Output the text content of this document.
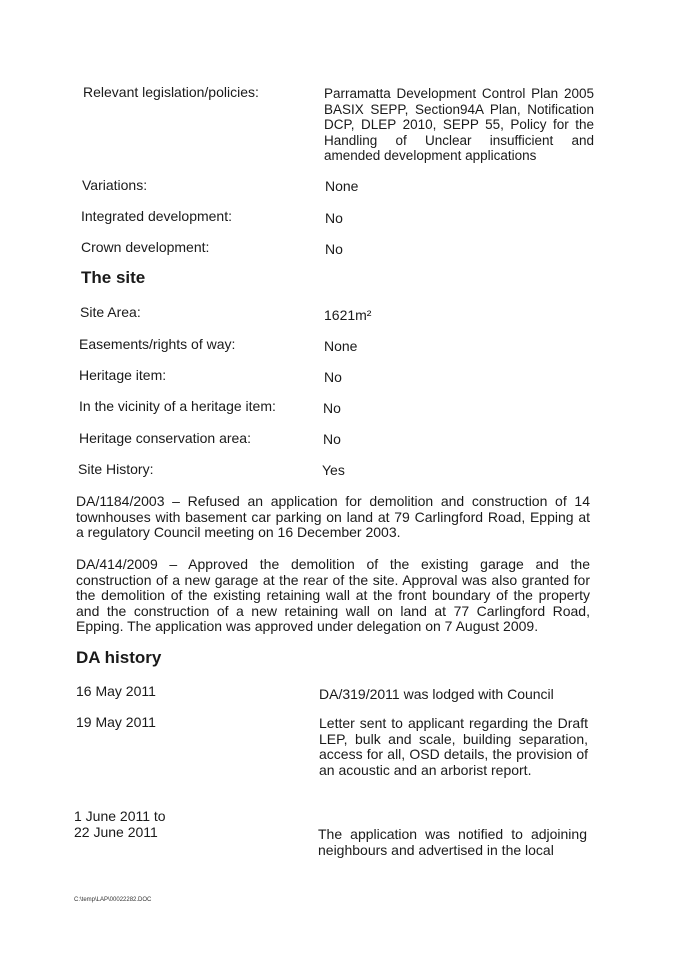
Relevant legislation/policies:	Parramatta Development Control Plan 2005 BASIX SEPP, Section94A Plan, Notification DCP, DLEP 2010, SEPP 55, Policy for the Handling of Unclear insufficient and amended development applications
Variations:	None
Integrated development:	No
Crown development:	No
The site
Site Area:	1621m²
Easements/rights of way:	None
Heritage item:	No
In the vicinity of a heritage item:	No
Heritage conservation area:	No
Site History:	Yes
DA/1184/2003 – Refused an application for demolition and construction of 14 townhouses with basement car parking on land at 79 Carlingford Road, Epping at a regulatory Council meeting on 16 December 2003.
DA/414/2009 – Approved the demolition of the existing garage and the construction of a new garage at the rear of the site. Approval was also granted for the demolition of the existing retaining wall at the front boundary of the property and the construction of a new retaining wall on land at 77 Carlingford Road, Epping. The application was approved under delegation on 7 August 2009.
DA history
16 May 2011	DA/319/2011 was lodged with Council
19 May 2011	Letter sent to applicant regarding the Draft LEP, bulk and scale, building separation, access for all, OSD details, the provision of an acoustic and an arborist report.
1 June 2011 to
22 June 2011	The application was notified to adjoining neighbours and advertised in the local
C:\temp\LAP\00022282.DOC
